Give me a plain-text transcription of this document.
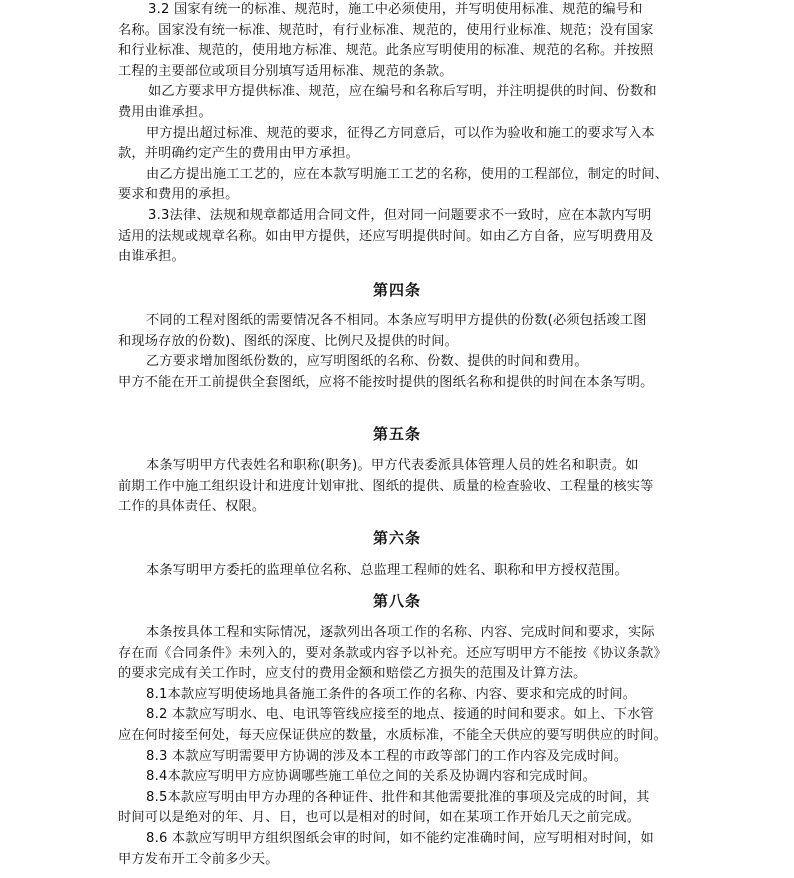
3.2 国家有统一的标准、规范时，施工中必须使用，并写明使用标准、规范的编号和
名称。国家没有统一标准、规范时，有行业标准、规范的，使用行业标准、规范；没有国家
和行业标准、规范的，使用地方标准、规范。此条应写明使用的标准、规范的名称。并按照
工程的主要部位或项目分别填写适用标准、规范的条款。
如乙方要求甲方提供标准、规范，应在编号和名称后写明，并注明提供的时间、份数和
费用由谁承担。
甲方提出超过标准、规范的要求，征得乙方同意后，可以作为验收和施工的要求写入本
款，并明确约定产生的费用由甲方承担。
由乙方提出施工工艺的，应在本款写明施工工艺的名称，使用的工程部位，制定的时间、
要求和费用的承担。
3.3法律、法规和规章都适用合同文件，但对同一问题要求不一致时，应在本款内写明
适用的法规或规章名称。如由甲方提供，还应写明提供时间。如由乙方自备，应写明费用及
由谁承担。
第四条
不同的工程对图纸的需要情况各不相同。本条应写明甲方提供的份数(必须包括竣工图
和现场存放的份数)、图纸的深度、比例尺及提供的时间。
乙方要求增加图纸份数的，应写明图纸的名称、份数、提供的时间和费用。
甲方不能在开工前提供全套图纸，应将不能按时提供的图纸名称和提供的时间在本条写明。
第五条
本条写明甲方代表姓名和职称(职务)。甲方代表委派具体管理人员的姓名和职责。如
前期工作中施工组织设计和进度计划审批、图纸的提供、质量的检查验收、工程量的核实等
工作的具体责任、权限。
第六条
本条写明甲方委托的监理单位名称、总监理工程师的姓名、职称和甲方授权范围。
第八条
本条按具体工程和实际情况，逐款列出各项工作的名称、内容、完成时间和要求，实际
存在而《合同条件》未列入的，要对条款或内容予以补充。还应写明甲方不能按《协议条款》
的要求完成有关工作时，应支付的费用金额和赔偿乙方损失的范围及计算方法。
8.1本款应写明使场地具备施工条件的各项工作的名称、内容、要求和完成的时间。
8.2 本款应写明水、电、电讯等管线应接至的地点、接通的时间和要求。如上、下水管
应在何时接至何处，每天应保证供应的数量，水质标准，不能全天供应的要写明供应的时间。
8.3 本款应写明需要甲方协调的涉及本工程的市政等部门的工作内容及完成时间。
8.4本款应写明甲方应协调哪些施工单位之间的关系及协调内容和完成时间。
8.5本款应写明由甲方办理的各种证件、批件和其他需要批准的事项及完成的时间，其
时间可以是绝对的年、月、日，也可以是相对的时间，如在某项工作开始几天之前完成。
8.6 本款应写明甲方组织图纸会审的时间，如不能约定准确时间，应写明相对时间，如
甲方发布开工令前多少天。
